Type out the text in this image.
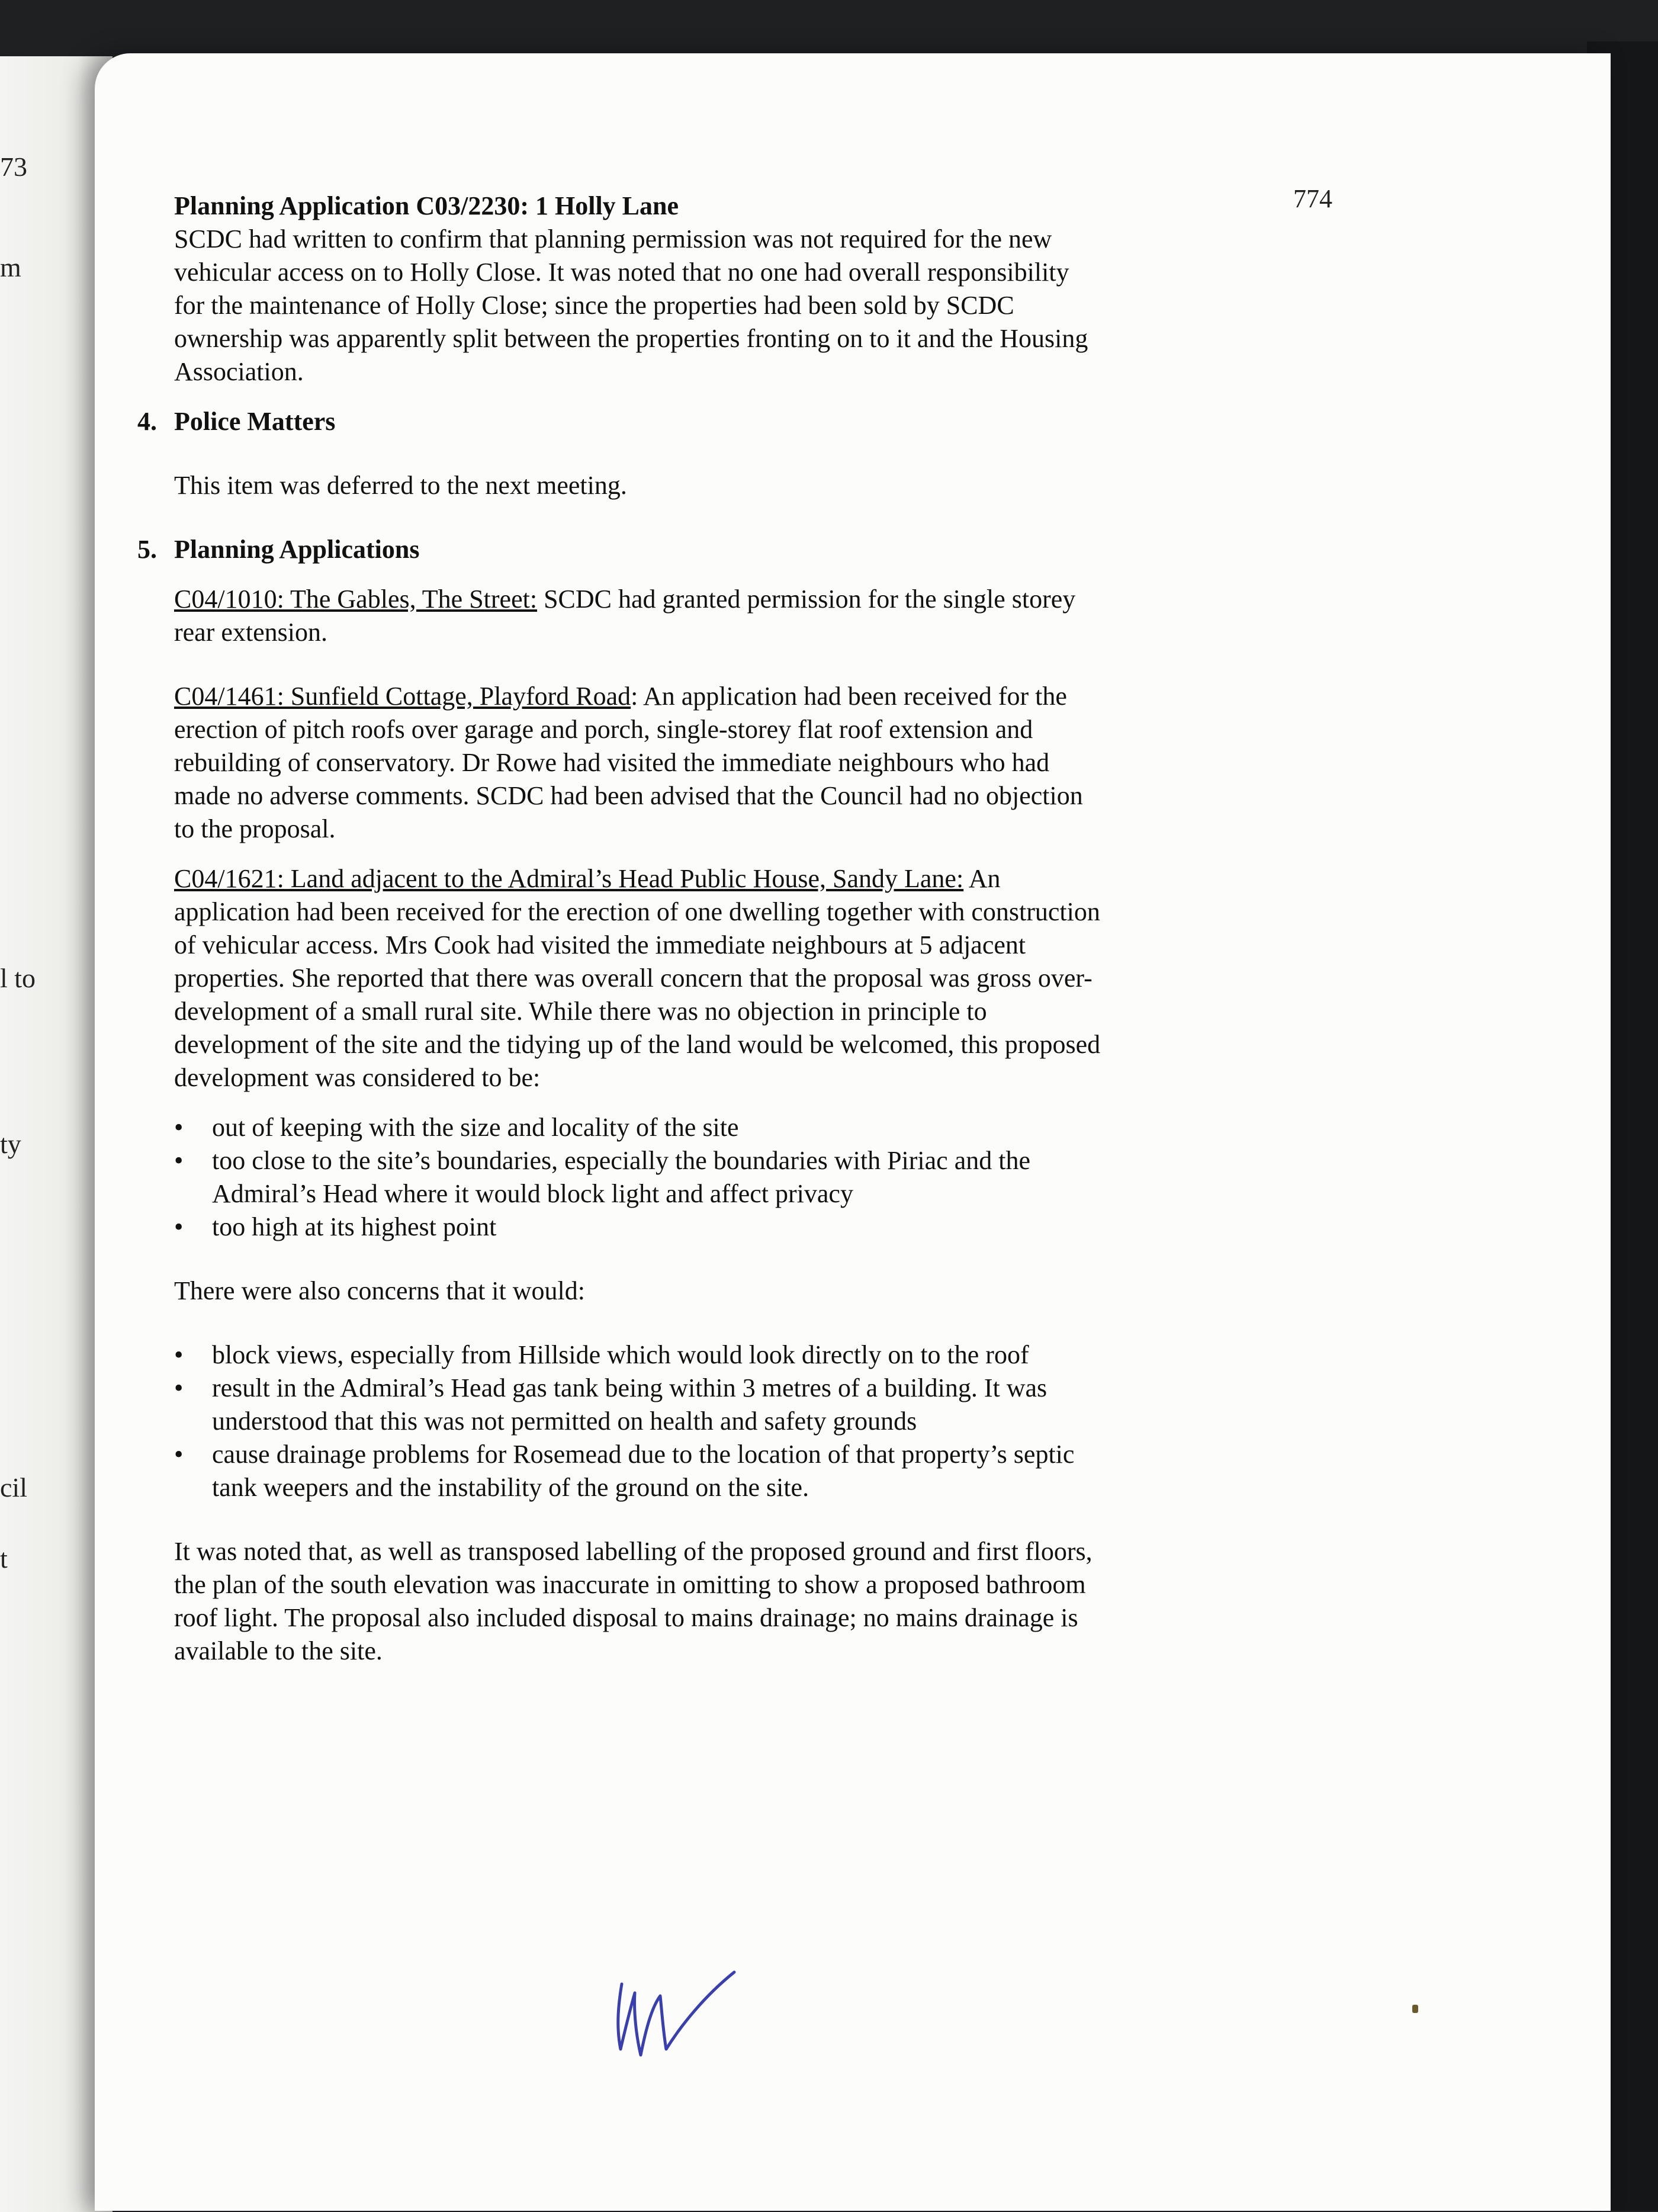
73
m
l to
ty
cil
t
774

Planning Application C03/2230: 1 Holly Lane

SCDC had written to confirm that planning permission was not required for the new

vehicular access on to Holly Close. It was noted that no one had overall responsibility

for the maintenance of Holly Close; since the properties had been sold by SCDC

ownership was apparently split between the properties fronting on to it and the Housing

Association.

4. Police Matters

This item was deferred to the next meeting.

5. Planning Applications

C04/1010: The Gables, The Street: SCDC had granted permission for the single storey

rear extension.

C04/1461: Sunfield Cottage, Playford Road: An application had been received for the

erection of pitch roofs over garage and porch, single-storey flat roof extension and

rebuilding of conservatory. Dr Rowe had visited the immediate neighbours who had

made no adverse comments. SCDC had been advised that the Council had no objection

to the proposal.

C04/1621: Land adjacent to the Admiral’s Head Public House, Sandy Lane: An

application had been received for the erection of one dwelling together with construction

of vehicular access. Mrs Cook had visited the immediate neighbours at 5 adjacent

properties. She reported that there was overall concern that the proposal was gross over-

development of a small rural site. While there was no objection in principle to

development of the site and the tidying up of the land would be welcomed, this proposed

development was considered to be:

• out of keeping with the size and locality of the site
• too close to the site’s boundaries, especially the boundaries with Piriac and the
Admiral’s Head where it would block light and affect privacy
• too high at its highest point

There were also concerns that it would:

• block views, especially from Hillside which would look directly on to the roof
• result in the Admiral’s Head gas tank being within 3 metres of a building. It was
understood that this was not permitted on health and safety grounds
• cause drainage problems for Rosemead due to the location of that property’s septic
tank weepers and the instability of the ground on the site.

It was noted that, as well as transposed labelling of the proposed ground and first floors,

the plan of the south elevation was inaccurate in omitting to show a proposed bathroom

roof light. The proposal also included disposal to mains drainage; no mains drainage is

available to the site.
